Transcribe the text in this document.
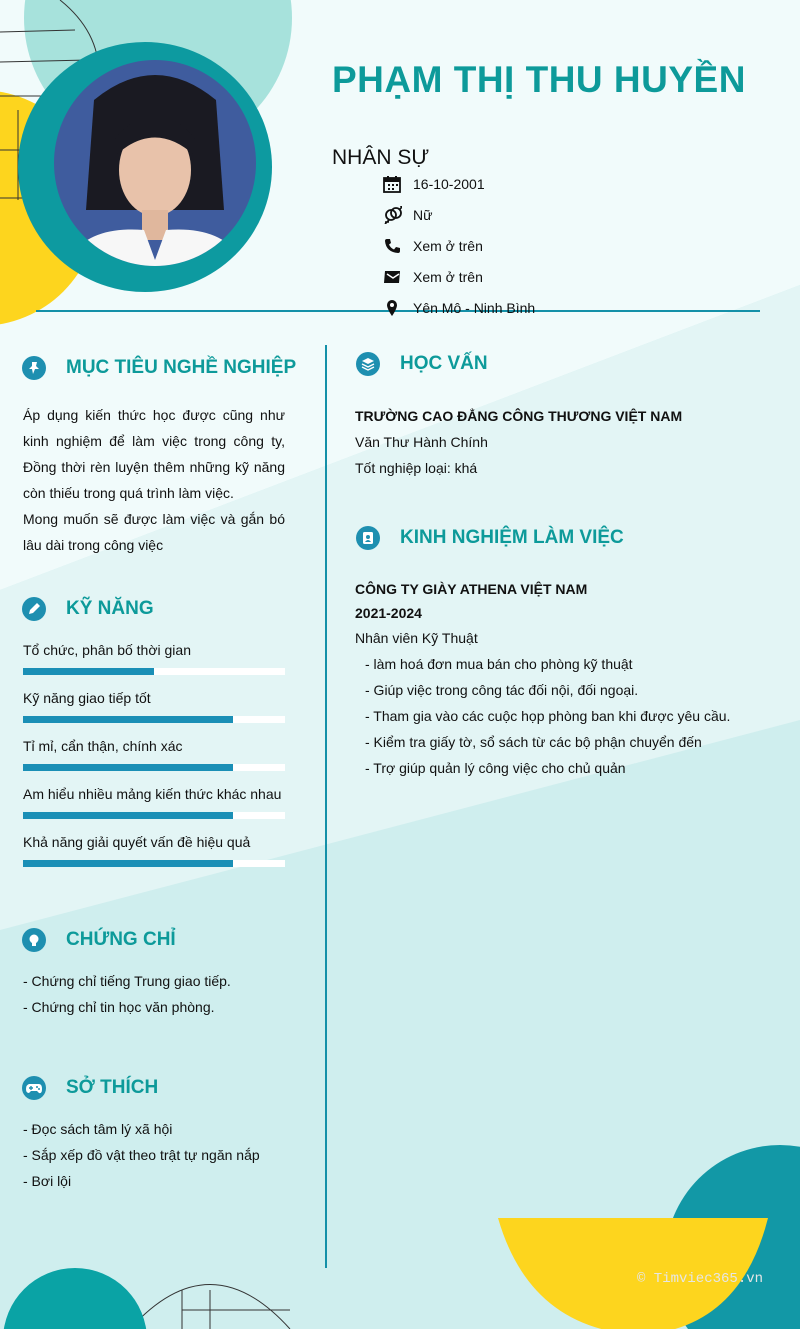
PHẠM THỊ THU HUYỀN
NHÂN SỰ
16-10-2001
Nữ
Xem ở trên
Xem ở trên
Yên Mô - Ninh Bình
MỤC TIÊU NGHỀ NGHIỆP
Áp dụng kiến thức học được cũng như kinh nghiệm để làm việc trong công ty, Đồng thời rèn luyện thêm những kỹ năng còn thiếu trong quá trình làm việc.
Mong muốn sẽ được làm việc và gắn bó lâu dài trong công việc
KỸ NĂNG
CHỨNG CHỈ
- Chứng chỉ tiếng Trung giao tiếp.
- Chứng chỉ tin học văn phòng.
SỞ THÍCH
- Đọc sách tâm lý xã hội
- Sắp xếp đồ vật theo trật tự ngăn nắp
- Bơi lội
HỌC VẤN
TRƯỜNG CAO ĐẲNG CÔNG THƯƠNG VIỆT NAM
Văn Thư Hành Chính
Tốt nghiệp loại: khá
KINH NGHIỆM LÀM VIỆC
CÔNG TY GIÀY ATHENA VIỆT NAM
2021-2024
Nhân viên Kỹ Thuật
- làm hoá đơn mua bán cho phòng kỹ thuật
- Giúp việc trong công tác đối nội, đối ngoại.
- Tham gia vào các cuộc họp phòng ban khi được yêu cầu.
- Kiểm tra giấy tờ, sổ sách từ các bộ phận chuyển đến
- Trợ giúp quản lý công việc cho chủ quản
© Timviec365.vn
Tổ chức, phân bố thời gian
Kỹ năng giao tiếp tốt
Tỉ mỉ, cẩn thận, chính xác
Am hiểu nhiều mảng kiến thức khác nhau
Khả năng giải quyết vấn đề hiệu quả
